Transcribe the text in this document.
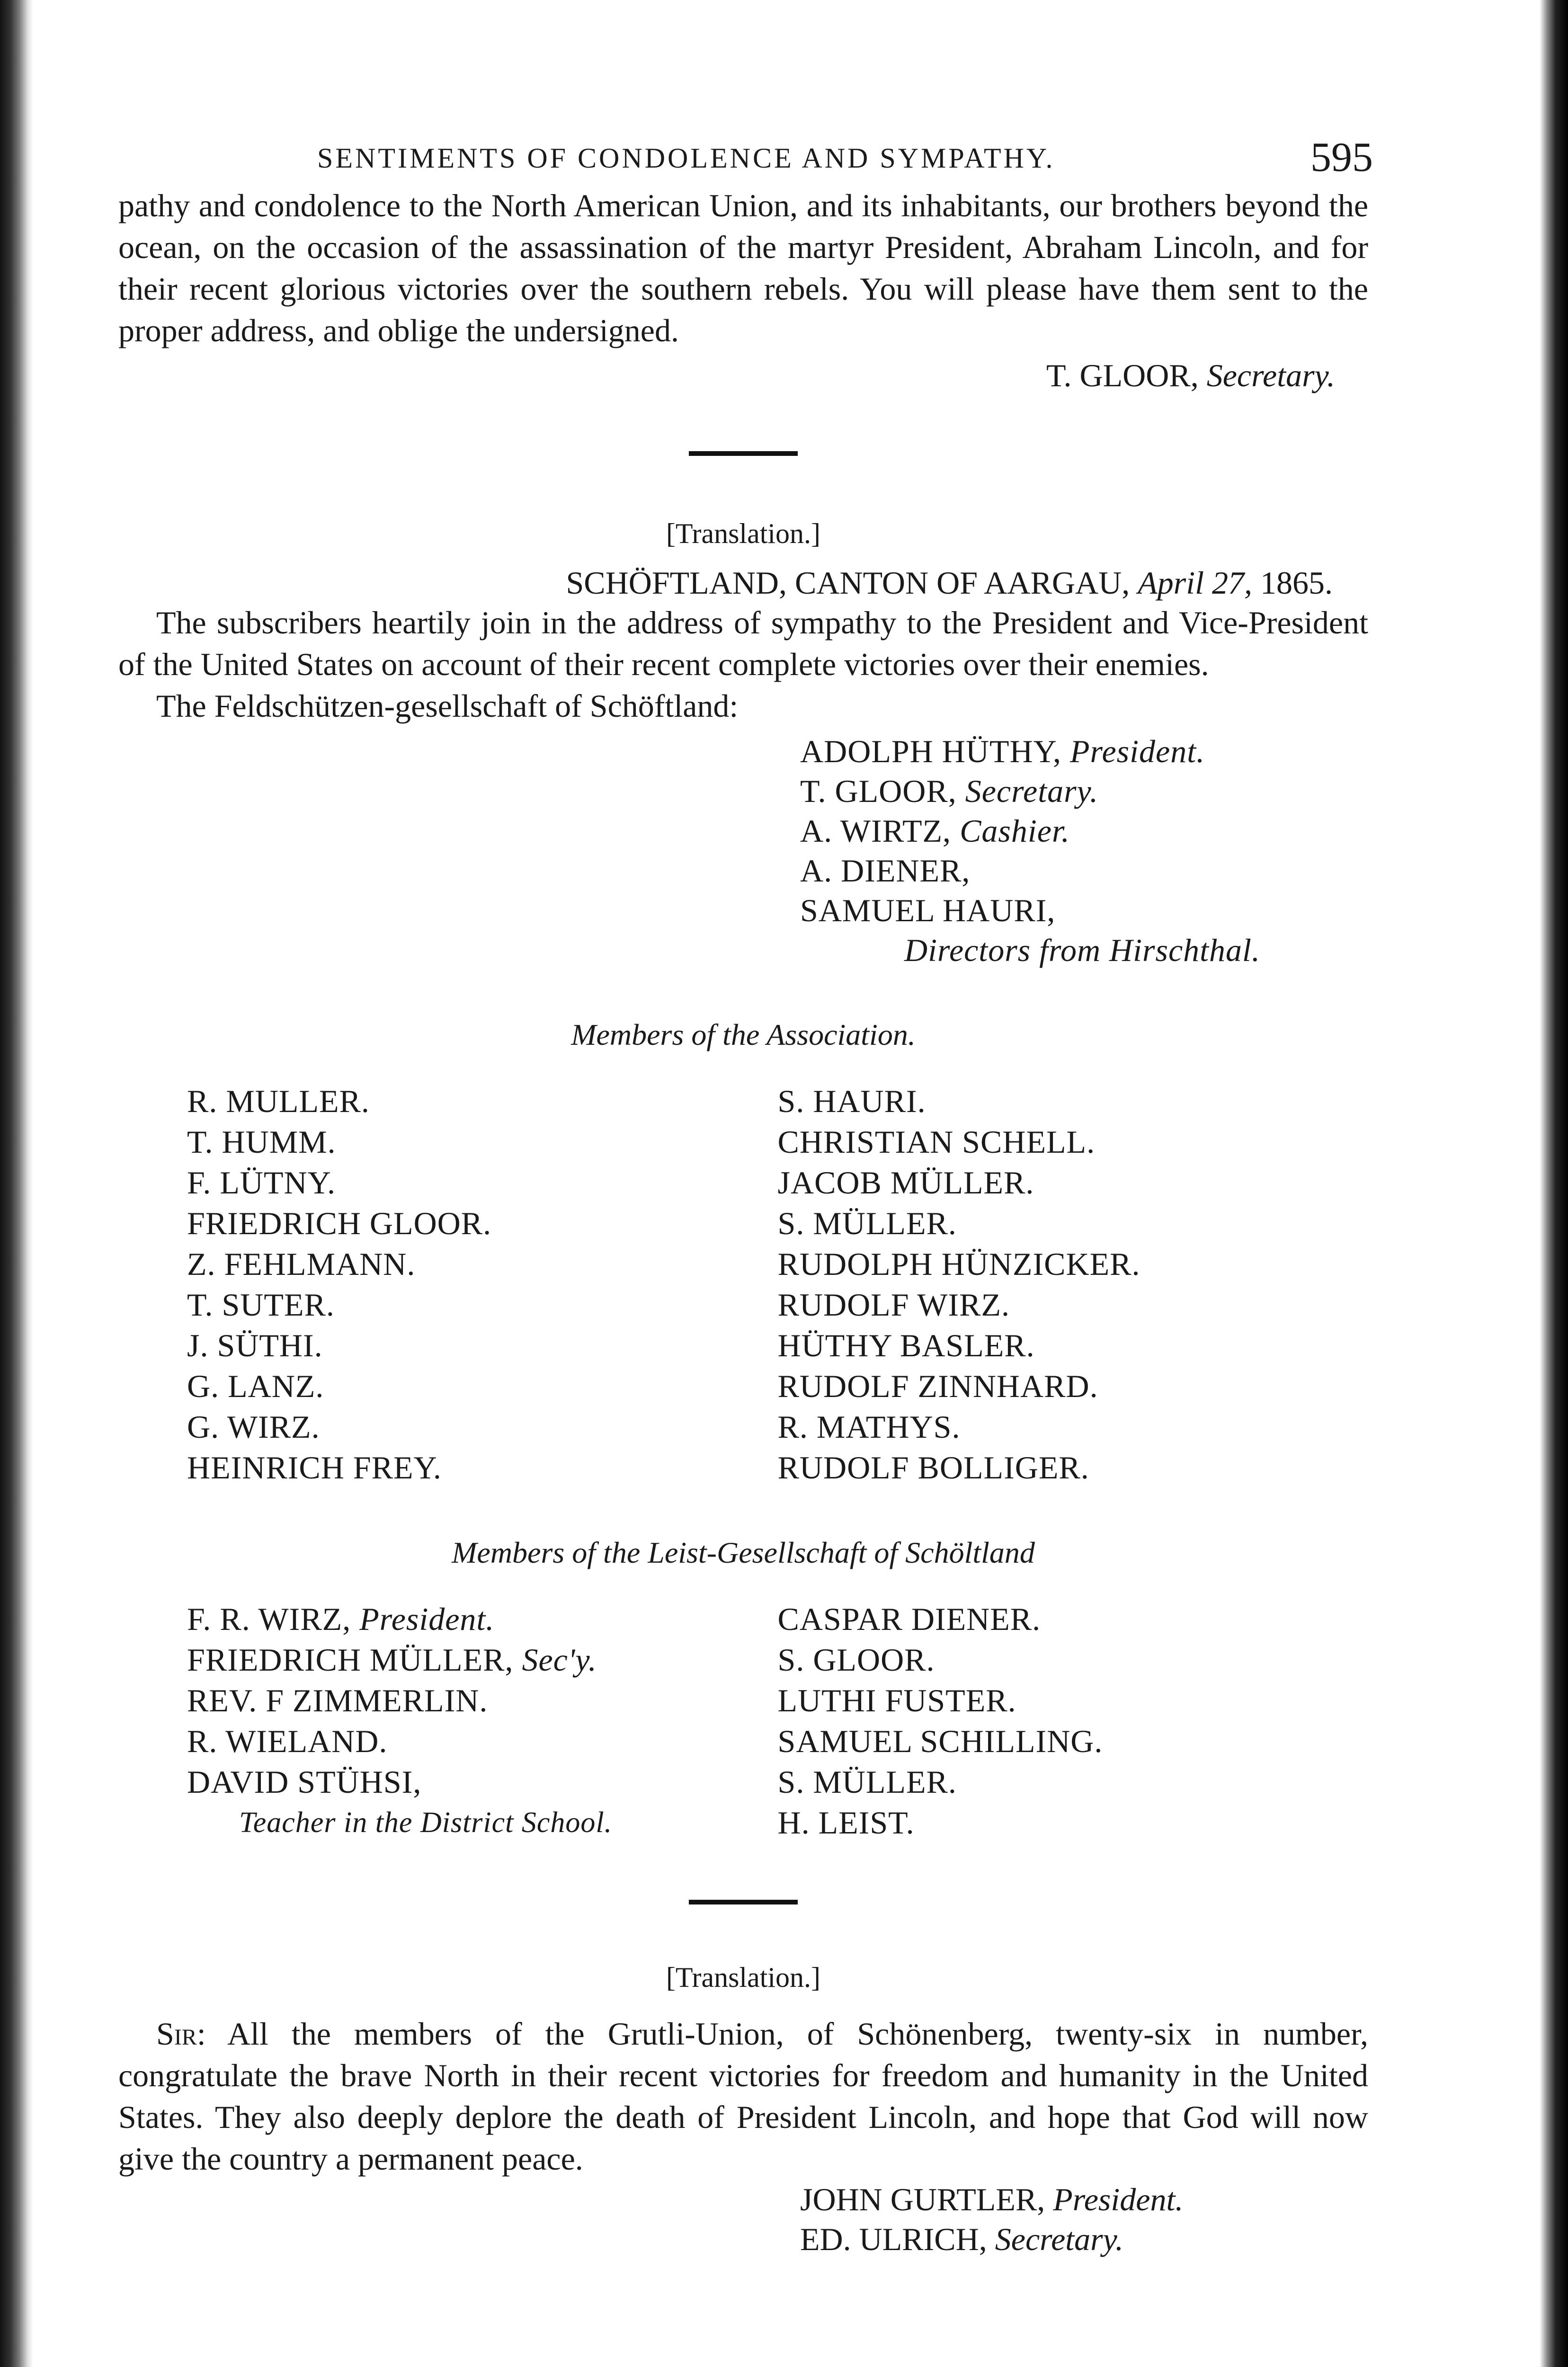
SENTIMENTS OF CONDOLENCE AND SYMPATHY.	595

pathy and condolence to the North American Union, and its inhabitants, our brothers beyond the ocean, on the occasion of the assassination of the martyr President, Abraham Lincoln, and for their recent glorious victories over the southern rebels. You will please have them sent to the proper address, and oblige the undersigned.

T. GLOOR, Secretary.
[Translation.]
SCHÖFTLAND, CANTON OF AARGAU, April 27, 1865.

The subscribers heartily join in the address of sympathy to the President and Vice-President of the United States on account of their recent complete victories over their enemies.

The Feldschützen-gesellschaft of Schöftland:

ADOLPH HÜTHY, President.
T. GLOOR, Secretary.
A. WIRTZ, Cashier.
A. DIENER,
SAMUEL HAURI,
Directors from Hirschthal.
Members of the Association.
R. MULLER.
T. HUMM.
F. LÜTNY.
FRIEDRICH GLOOR.
Z. FEHLMANN.
T. SUTER.
J. SÜTHI.
G. LANZ.
G. WIRZ.
HEINRICH FREY.
S. HAURI.
CHRISTIAN SCHELL.
JACOB MÜLLER.
S. MÜLLER.
RUDOLPH HÜNZICKER.
RUDOLF WIRZ.
HÜTHY BASLER.
RUDOLF ZINNHARD.
R. MATHYS.
RUDOLF BOLLIGER.
Members of the Leist-Gesellschaft of Schöltland
F. R. WIRZ, President.
FRIEDRICH MÜLLER, Sec'y.
REV. F ZIMMERLIN.
R. WIELAND.
DAVID STÜHSI,
Teacher in the District School.
CASPAR DIENER.
S. GLOOR.
LUTHI FUSTER.
SAMUEL SCHILLING.
S. MÜLLER.
H. LEIST.
[Translation.]

Sir: All the members of the Grutli-Union, of Schönenberg, twenty-six in number, congratulate the brave North in their recent victories for freedom and humanity in the United States. They also deeply deplore the death of President Lincoln, and hope that God will now give the country a permanent peace.

JOHN GURTLER, President.
ED. ULRICH, Secretary.
